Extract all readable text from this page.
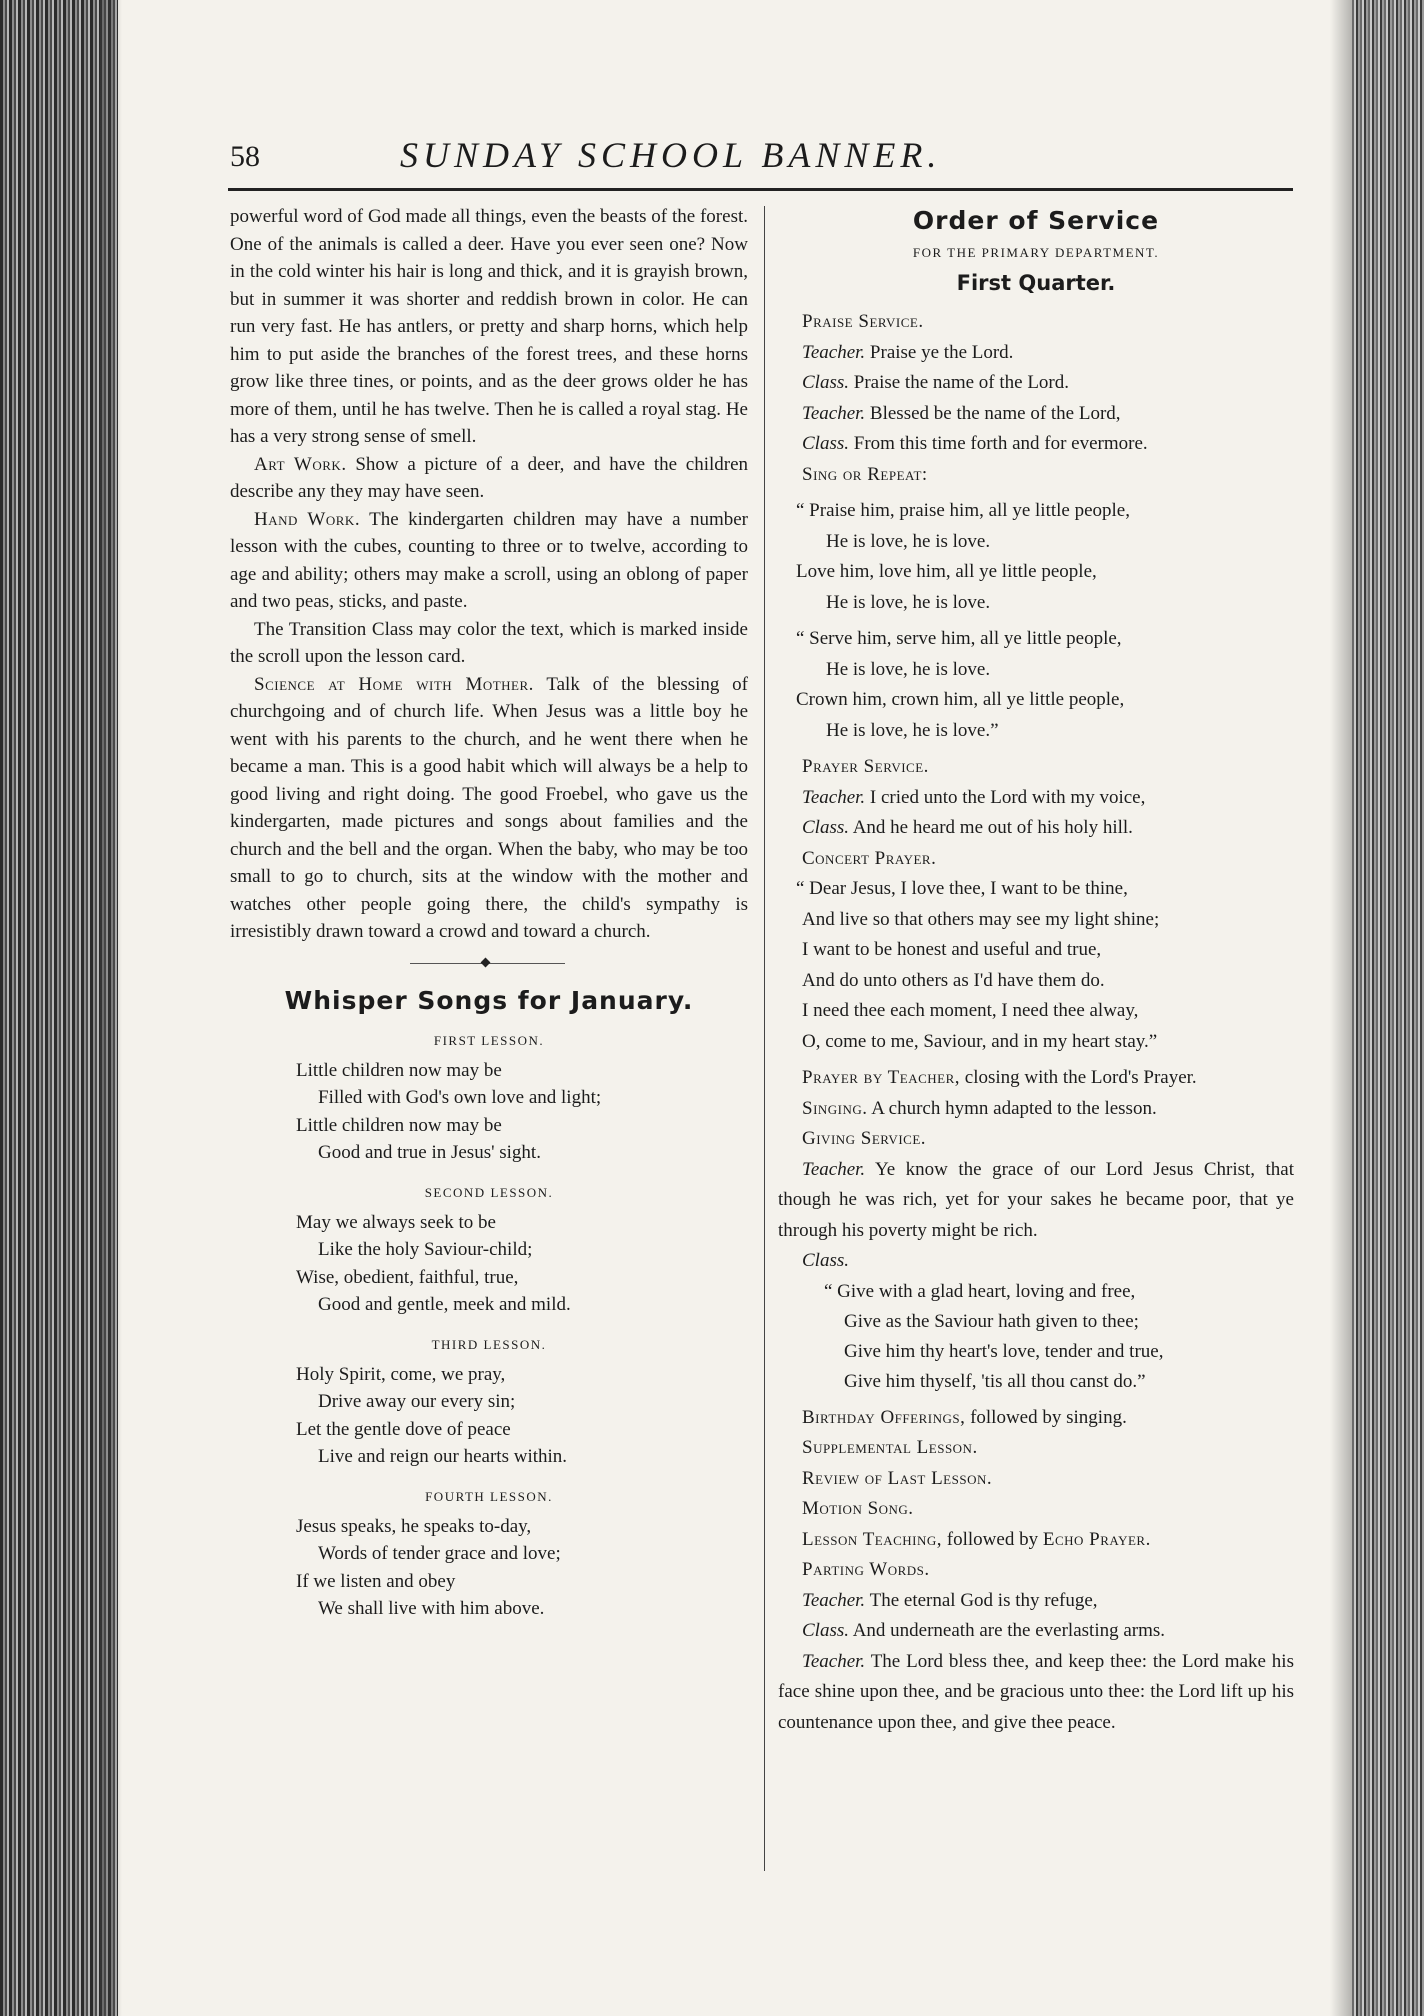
58	SUNDAY SCHOOL BANNER.

powerful word of God made all things, even the beasts of the forest. One of the animals is called a deer. Have you ever seen one? Now in the cold winter his hair is long and thick, and it is grayish brown, but in summer it was shorter and reddish brown in color. He can run very fast. He has antlers, or pretty and sharp horns, which help him to put aside the branches of the forest trees, and these horns grow like three tines, or points, and as the deer grows older he has more of them, until he has twelve. Then he is called a royal stag. He has a very strong sense of smell.

Art Work. Show a picture of a deer, and have the children describe any they may have seen.

Hand Work. The kindergarten children may have a number lesson with the cubes, counting to three or to twelve, according to age and ability; others may make a scroll, using an oblong of paper and two peas, sticks, and paste.

The Transition Class may color the text, which is marked inside the scroll upon the lesson card.

Science at Home with Mother. Talk of the blessing of churchgoing and of church life. When Jesus was a little boy he went with his parents to the church, and he went there when he became a man. This is a good habit which will always be a help to good living and right doing. The good Froebel, who gave us the kindergarten, made pictures and songs about families and the church and the bell and the organ. When the baby, who may be too small to go to church, sits at the window with the mother and watches other people going there, the child's sympathy is irresistibly drawn toward a crowd and toward a church.

Whisper Songs for January.
FIRST LESSON.

Little children now may be

Filled with God's own love and light;

Little children now may be

Good and true in Jesus' sight.

SECOND LESSON.

May we always seek to be

Like the holy Saviour-child;

Wise, obedient, faithful, true,

Good and gentle, meek and mild.

THIRD LESSON.

Holy Spirit, come, we pray,

Drive away our every sin;

Let the gentle dove of peace

Live and reign our hearts within.

FOURTH LESSON.

Jesus speaks, he speaks to-day,

Words of tender grace and love;

If we listen and obey

We shall live with him above.

Order of Service
FOR THE PRIMARY DEPARTMENT.
First Quarter.

Praise Service.

Teacher. Praise ye the Lord.

Class. Praise the name of the Lord.

Teacher. Blessed be the name of the Lord,

Class. From this time forth and for evermore.

Sing or Repeat:

“ Praise him, praise him, all ye little people,

He is love, he is love.

Love him, love him, all ye little people,

He is love, he is love.

“ Serve him, serve him, all ye little people,

He is love, he is love.

Crown him, crown him, all ye little people,

He is love, he is love.”

Prayer Service.

Teacher. I cried unto the Lord with my voice,

Class. And he heard me out of his holy hill.

Concert Prayer.

“ Dear Jesus, I love thee, I want to be thine,

And live so that others may see my light shine;

I want to be honest and useful and true,

And do unto others as I'd have them do.

I need thee each moment, I need thee alway,

O, come to me, Saviour, and in my heart stay.”

Prayer by Teacher, closing with the Lord's Prayer.

Singing. A church hymn adapted to the lesson.

Giving Service.

Teacher. Ye know the grace of our Lord Jesus Christ, that though he was rich, yet for your sakes he became poor, that ye through his poverty might be rich.

Class.

“ Give with a glad heart, loving and free,

Give as the Saviour hath given to thee;

Give him thy heart's love, tender and true,

Give him thyself, 'tis all thou canst do.”

Birthday Offerings, followed by singing.

Supplemental Lesson.

Review of Last Lesson.

Motion Song.

Lesson Teaching, followed by Echo Prayer.

Parting Words.

Teacher. The eternal God is thy refuge,

Class. And underneath are the everlasting arms.

Teacher. The Lord bless thee, and keep thee: the Lord make his face shine upon thee, and be gracious unto thee: the Lord lift up his countenance upon thee, and give thee peace.
